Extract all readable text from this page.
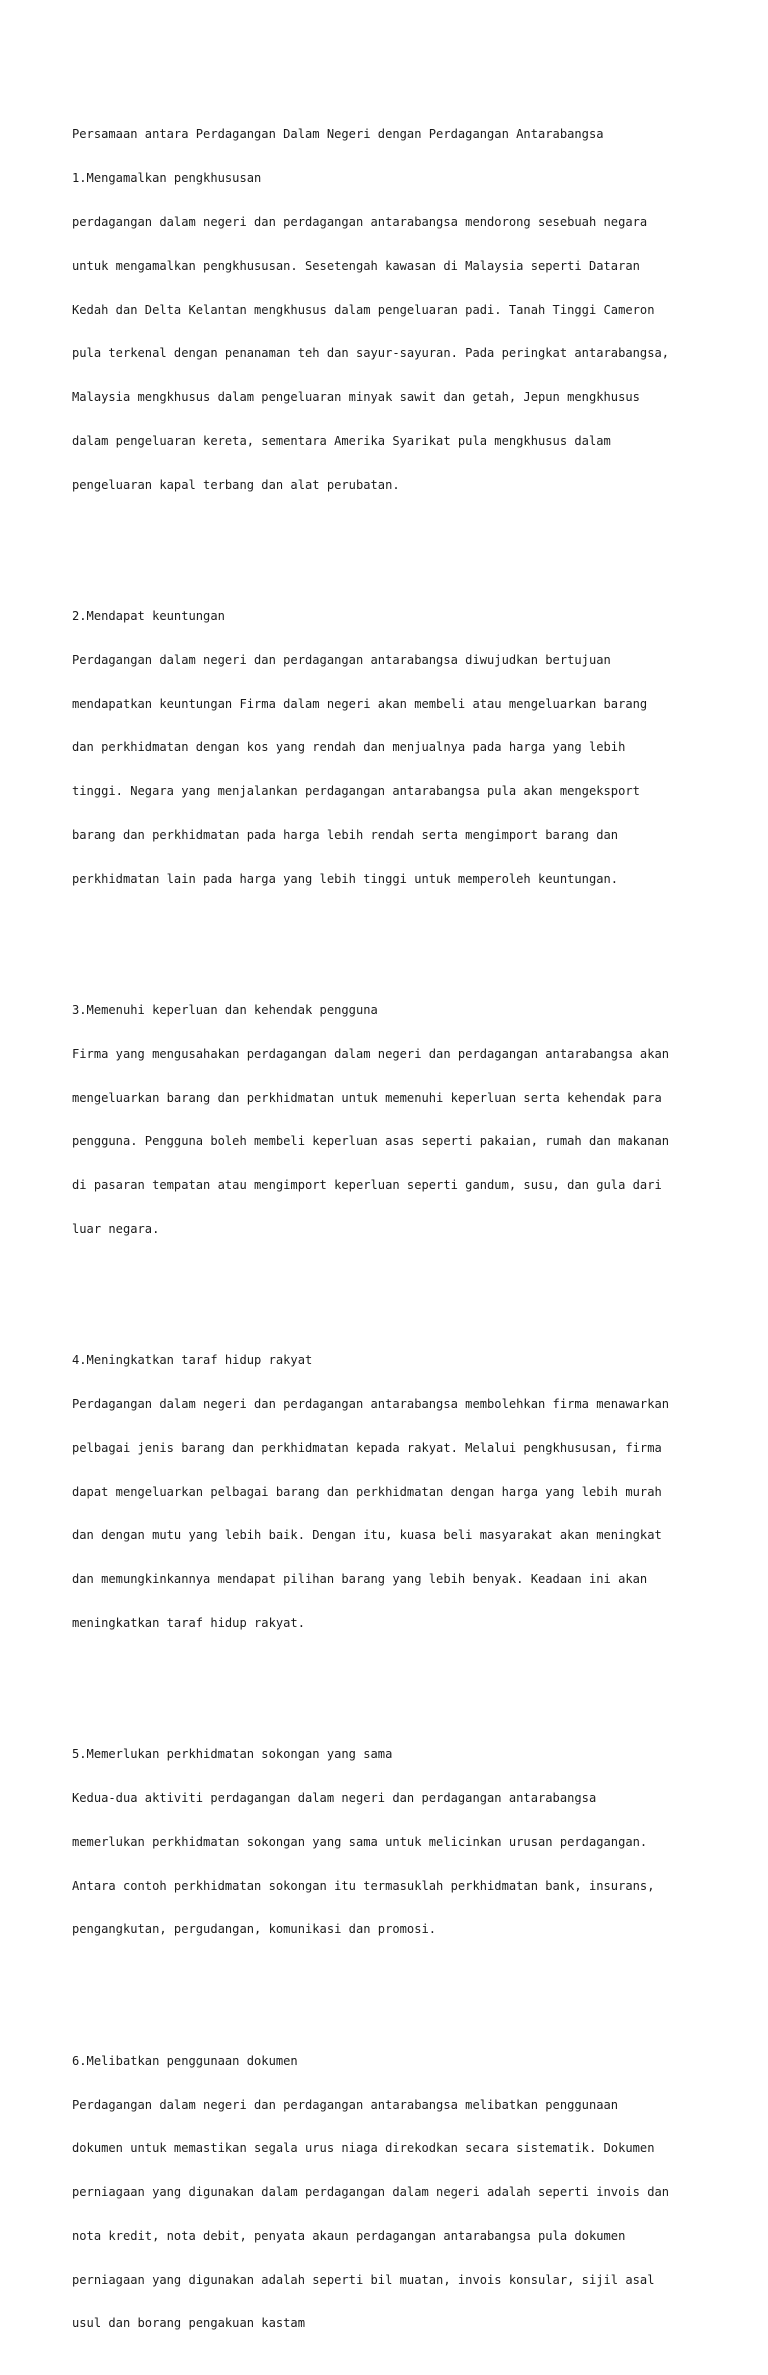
Persamaan antara Perdagangan Dalam Negeri dengan Perdagangan Antarabangsa

1.Mengamalkan pengkhususan

perdagangan dalam negeri dan perdagangan antarabangsa mendorong sesebuah negara

untuk mengamalkan pengkhususan. Sesetengah kawasan di Malaysia seperti Dataran

Kedah dan Delta Kelantan mengkhusus dalam pengeluaran padi. Tanah Tinggi Cameron

pula terkenal dengan penanaman teh dan sayur-sayuran. Pada peringkat antarabangsa,

Malaysia mengkhusus dalam pengeluaran minyak sawit dan getah, Jepun mengkhusus

dalam pengeluaran kereta, sementara Amerika Syarikat pula mengkhusus dalam

pengeluaran kapal terbang dan alat perubatan.

2.Mendapat keuntungan

Perdagangan dalam negeri dan perdagangan antarabangsa diwujudkan bertujuan

mendapatkan keuntungan Firma dalam negeri akan membeli atau mengeluarkan barang

dan perkhidmatan dengan kos yang rendah dan menjualnya pada harga yang lebih

tinggi. Negara yang menjalankan perdagangan antarabangsa pula akan mengeksport

barang dan perkhidmatan pada harga lebih rendah serta mengimport barang dan

perkhidmatan lain pada harga yang lebih tinggi untuk memperoleh keuntungan.

3.Memenuhi keperluan dan kehendak pengguna

Firma yang mengusahakan perdagangan dalam negeri dan perdagangan antarabangsa akan

mengeluarkan barang dan perkhidmatan untuk memenuhi keperluan serta kehendak para

pengguna. Pengguna boleh membeli keperluan asas seperti pakaian, rumah dan makanan

di pasaran tempatan atau mengimport keperluan seperti gandum, susu, dan gula dari

luar negara.

4.Meningkatkan taraf hidup rakyat

Perdagangan dalam negeri dan perdagangan antarabangsa membolehkan firma menawarkan

pelbagai jenis barang dan perkhidmatan kepada rakyat. Melalui pengkhususan, firma

dapat mengeluarkan pelbagai barang dan perkhidmatan dengan harga yang lebih murah

dan dengan mutu yang lebih baik. Dengan itu, kuasa beli masyarakat akan meningkat

dan memungkinkannya mendapat pilihan barang yang lebih benyak. Keadaan ini akan

meningkatkan taraf hidup rakyat.

5.Memerlukan perkhidmatan sokongan yang sama

Kedua-dua aktiviti perdagangan dalam negeri dan perdagangan antarabangsa

memerlukan perkhidmatan sokongan yang sama untuk melicinkan urusan perdagangan.

Antara contoh perkhidmatan sokongan itu termasuklah perkhidmatan bank, insurans,

pengangkutan, pergudangan, komunikasi dan promosi.

6.Melibatkan penggunaan dokumen

Perdagangan dalam negeri dan perdagangan antarabangsa melibatkan penggunaan

dokumen untuk memastikan segala urus niaga direkodkan secara sistematik. Dokumen

perniagaan yang digunakan dalam perdagangan dalam negeri adalah seperti invois dan

nota kredit, nota debit, penyata akaun perdagangan antarabangsa pula dokumen

perniagaan yang digunakan adalah seperti bil muatan, invois konsular, sijil asal

usul dan borang pengakuan kastam
